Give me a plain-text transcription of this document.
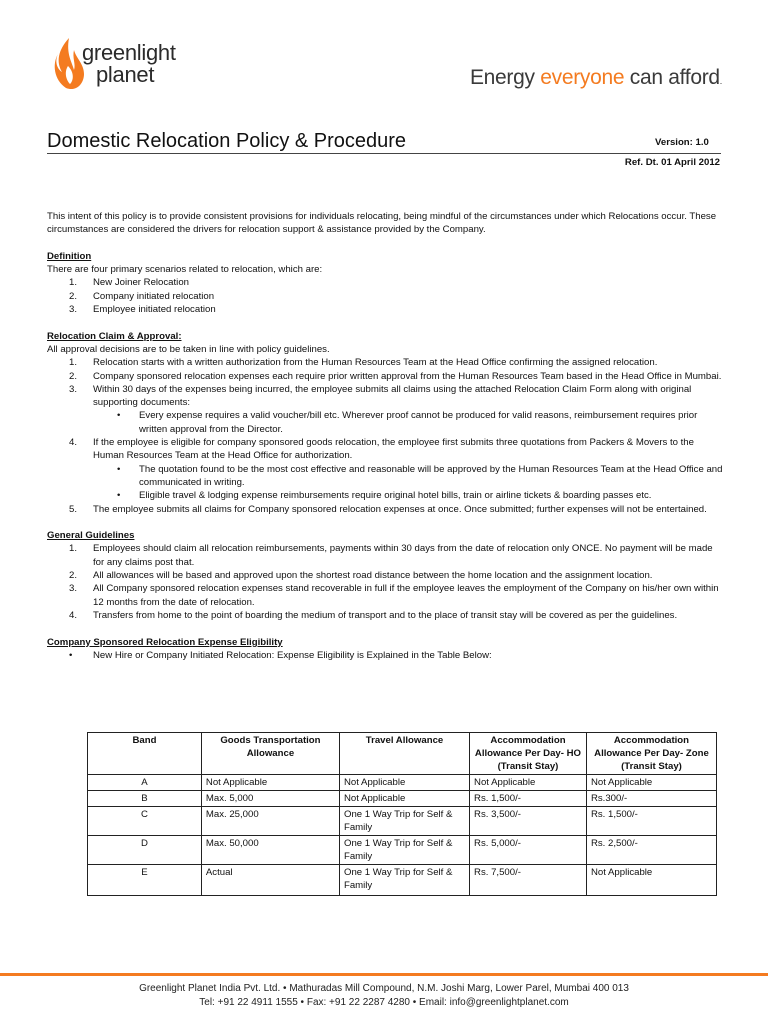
greenlight
planet	Energy everyone can afford.
Domestic Relocation Policy & Procedure	Version: 1.0
Ref. Dt. 01 April 2012

This intent of this policy is to provide consistent provisions for individuals relocating, being mindful of the circumstances under which Relocations occur. These circumstances are considered the drivers for relocation support & assistance provided by the Company.

Definition

There are four primary scenarios related to relocation, which are:

1. New Joiner Relocation
2. Company initiated relocation
3. Employee initiated relocation

Relocation Claim & Approval:

All approval decisions are to be taken in line with policy guidelines.

1. Relocation starts with a written authorization from the Human Resources Team at the Head Office confirming the assigned relocation.
2. Company sponsored relocation expenses each require prior written approval from the Human Resources Team based in the Head Office in Mumbai.
3. Within 30 days of the expenses being incurred, the employee submits all claims using the attached Relocation Claim Form along with original supporting documents:
• Every expense requires a valid voucher/bill etc. Wherever proof cannot be produced for valid reasons, reimbursement requires prior written approval from the Director.
4. If the employee is eligible for company sponsored goods relocation, the employee first submits three quotations from Packers & Movers to the Human Resources Team at the Head Office for authorization.
• The quotation found to be the most cost effective and reasonable will be approved by the Human Resources Team at the Head Office and communicated in writing.
• Eligible travel & lodging expense reimbursements require original hotel bills, train or airline tickets & boarding passes etc.
5. The employee submits all claims for Company sponsored relocation expenses at once. Once submitted; further expenses will not be entertained.

General Guidelines

1. Employees should claim all relocation reimbursements, payments within 30 days from the date of relocation only ONCE. No payment will be made for any claims post that.
2. All allowances will be based and approved upon the shortest road distance between the home location and the assignment location.
3. All Company sponsored relocation expenses stand recoverable in full if the employee leaves the employment of the Company on his/her own within 12 months from the date of relocation.
4. Transfers from home to the point of boarding the medium of transport and to the place of transit stay will be covered as per the guidelines.

Company Sponsored Relocation Expense Eligibility

• New Hire or Company Initiated Relocation: Expense Eligibility is Explained in the Table Below:
Band	Goods Transportation Allowance	Travel Allowance	Accommodation Allowance Per Day- HO (Transit Stay)	Accommodation Allowance Per Day- Zone (Transit Stay)
A	Not Applicable	Not Applicable	Not Applicable	Not Applicable
B	Max. 5,000	Not Applicable	Rs. 1,500/-	Rs.300/-
C	Max. 25,000	One 1 Way Trip for Self & Family	Rs. 3,500/-	Rs. 1,500/-
D	Max. 50,000	One 1 Way Trip for Self & Family	Rs. 5,000/-	Rs. 2,500/-
E	Actual	One 1 Way Trip for Self & Family	Rs. 7,500/-	Not Applicable
Greenlight Planet India Pvt. Ltd. • Mathuradas Mill Compound, N.M. Joshi Marg, Lower Parel, Mumbai 400 013
Tel: +91 22 4911 1555 • Fax: +91 22 2287 4280 • Email: info@greenlightplanet.com
